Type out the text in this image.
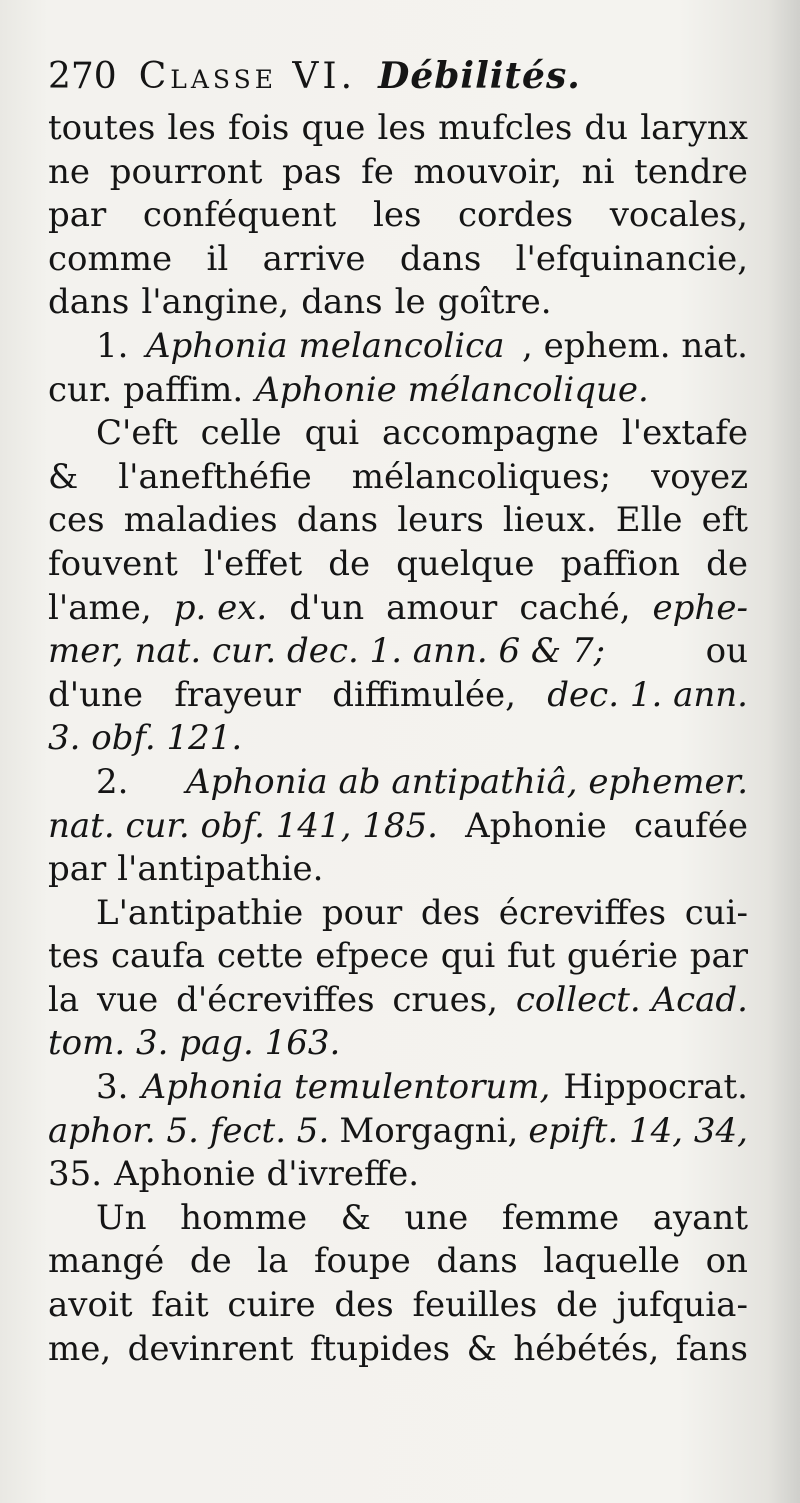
270 Classe VI. Débilités.
toutes les fois que les mufcles du larynx
ne pourront pas fe mouvoir, ni tendre
par conféquent les cordes vocales,
comme il arrive dans l'efquinancie,
dans l'angine, dans le goître.
1. Aphonia melancolica , ephem. nat.
cur. paffim. Aphonie mélancolique.
C'eft celle qui accompagne l'extafe
& l'anefthéfie mélancoliques; voyez
ces maladies dans leurs lieux. Elle eft
fouvent l'effet de quelque paffion de
l'ame, p. ex. d'un amour caché, ephe-
mer, nat. cur. dec. 1. ann. 6 & 7;	ou
d'une frayeur diffimulée, dec. 1. ann.
3. obf. 121.
2. Aphonia ab antipathiâ, ephemer.
nat. cur. obf. 141, 185. Aphonie caufée
par l'antipathie.
L'antipathie pour des écreviffes cui-
tes caufa cette efpece qui fut guérie par
la vue d'écreviffes crues, collect. Acad.
tom. 3. pag. 163.
3. Aphonia temulentorum, Hippocrat.
aphor. 5. fect. 5. Morgagni, epift. 14, 34,
35. Aphonie d'ivreffe.
Un homme & une femme ayant
mangé de la foupe dans laquelle on
avoit fait cuire des feuilles de jufquia-
me, devinrent ftupides & hébétés, fans
